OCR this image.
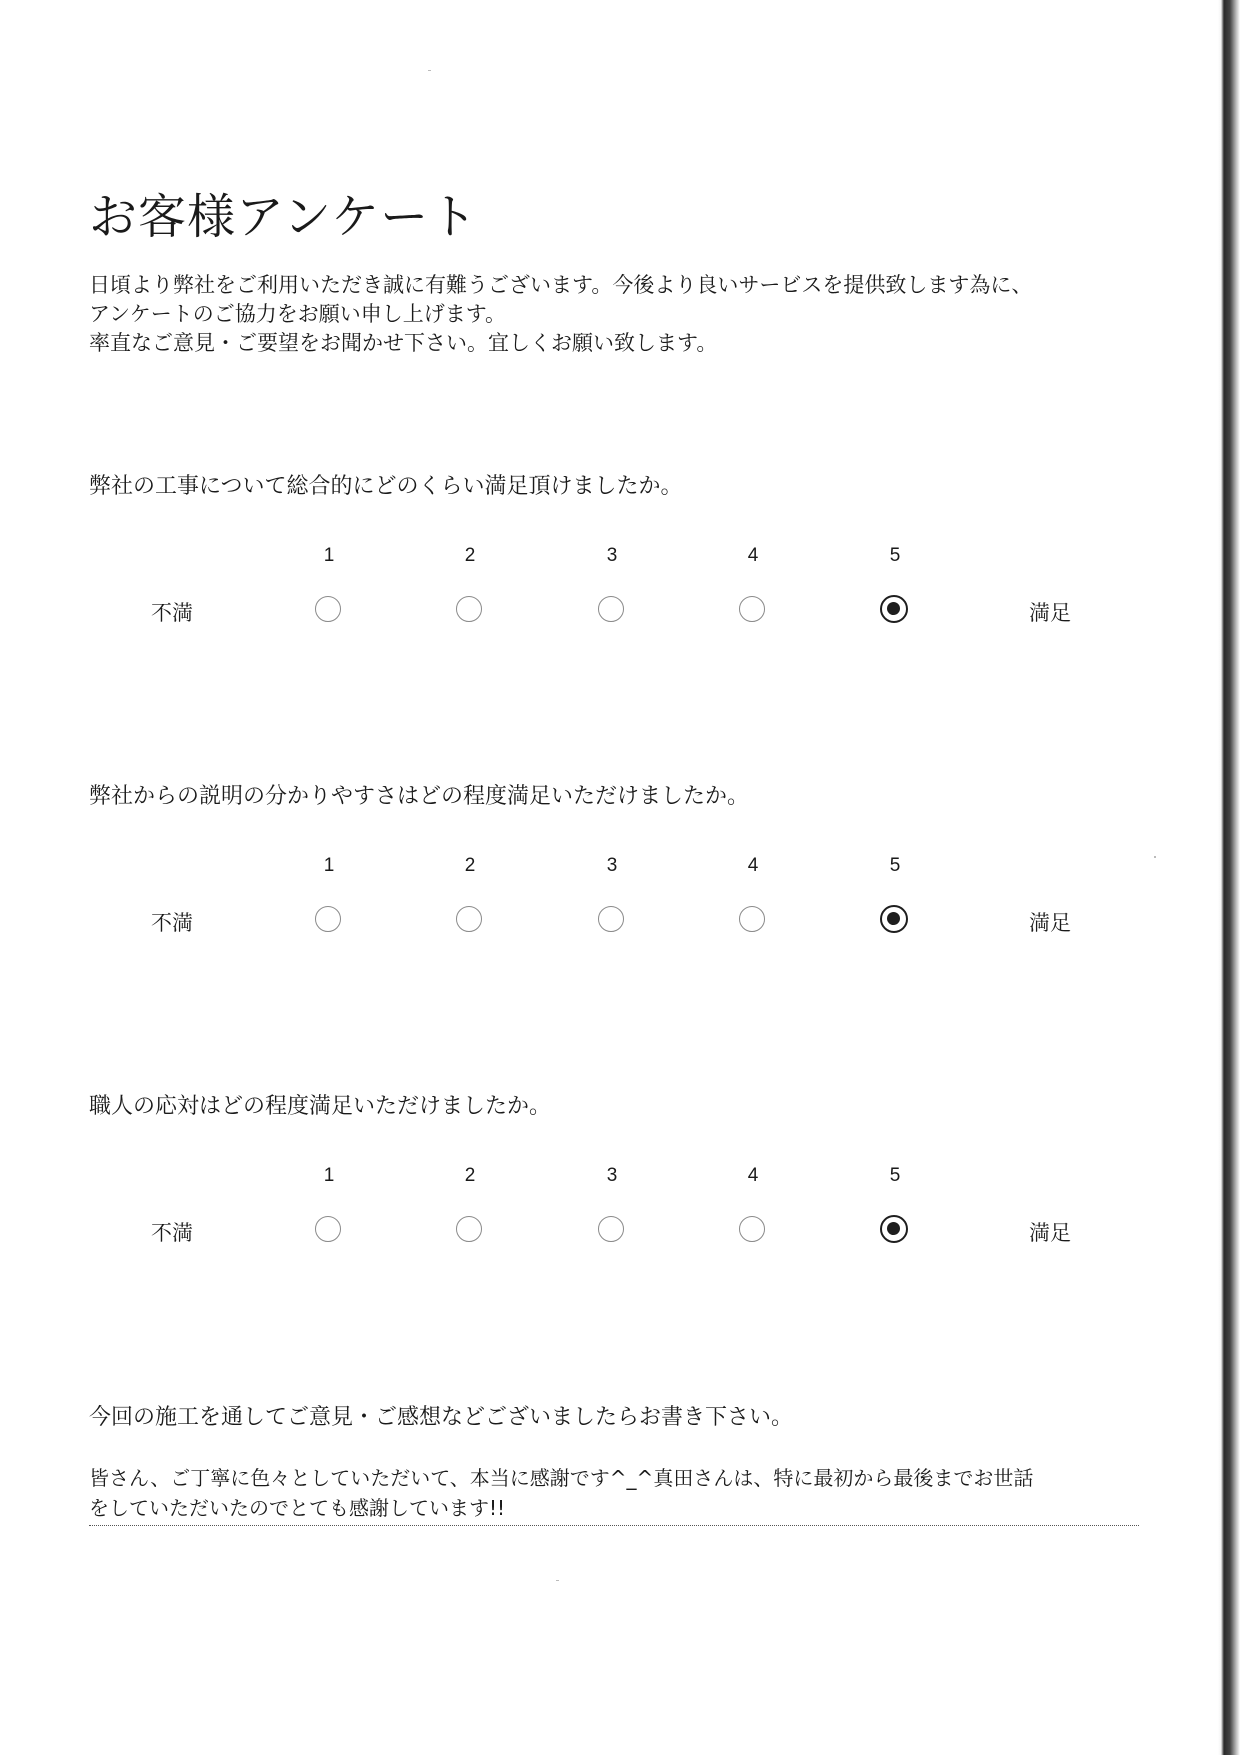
お客様アンケート
日頃より弊社をご利用いただき誠に有難うございます。今後より良いサービスを提供致します為に、
アンケートのご協力をお願い申し上げます。
率直なご意見・ご要望をお聞かせ下さい。宜しくお願い致します。
弊社の工事について総合的にどのくらい満足頂けましたか。
1	2	3	4	5
不満	満足
弊社からの説明の分かりやすさはどの程度満足いただけましたか。
1	2	3	4	5
不満	満足
職人の応対はどの程度満足いただけましたか。
1	2	3	4	5
不満	満足
今回の施工を通してご意見・ご感想などございましたらお書き下さい。
皆さん、ご丁寧に色々としていただいて、本当に感謝です^_^真田さんは、特に最初から最後までお世話
をしていただいたのでとても感謝しています!!
